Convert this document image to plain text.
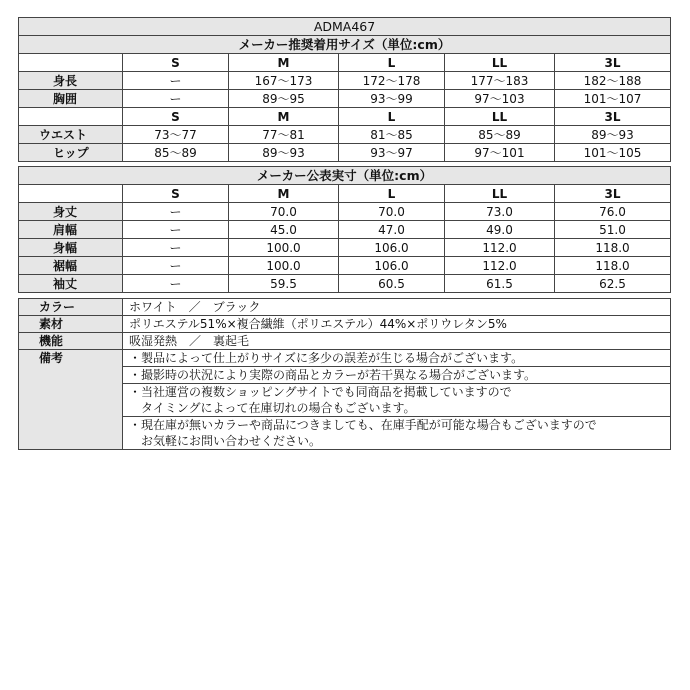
ADMA467					
メーカー推奨着用サイズ（単位:cm）					
	S	M	L	LL	3L
身長	ー	167〜173	172〜178	177〜183	182〜188
胸囲	ー	89〜95	93〜99	97〜103	101〜107
	S	M	L	LL	3L
ウエスト	73〜77	77〜81	81〜85	85〜89	89〜93
ヒップ	85〜89	89〜93	93〜97	97〜101	101〜105
メーカー公表実寸（単位:cm）					
	S	M	L	LL	3L
身丈	ー	70.0	70.0	73.0	76.0
肩幅	ー	45.0	47.0	49.0	51.0
身幅	ー	100.0	106.0	112.0	118.0
裾幅	ー	100.0	106.0	112.0	118.0
袖丈	ー	59.5	60.5	61.5	62.5
カラー	ホワイト　／　ブラック
素材	ポリエステル51%×複合繊維（ポリエステル）44%×ポリウレタン5%
機能	吸湿発熱　／　裏起毛
備考	・製品によって仕上がりサイズに多少の誤差が生じる場合がございます。
	・撮影時の状況により実際の商品とカラーが若干異なる場合がございます。
	・当社運営の複数ショッピングサイトでも同商品を掲載していますので
	　タイミングによって在庫切れの場合もございます。
	・現在庫が無いカラーや商品につきましても、在庫手配が可能な場合もございますので
	　お気軽にお問い合わせください。
